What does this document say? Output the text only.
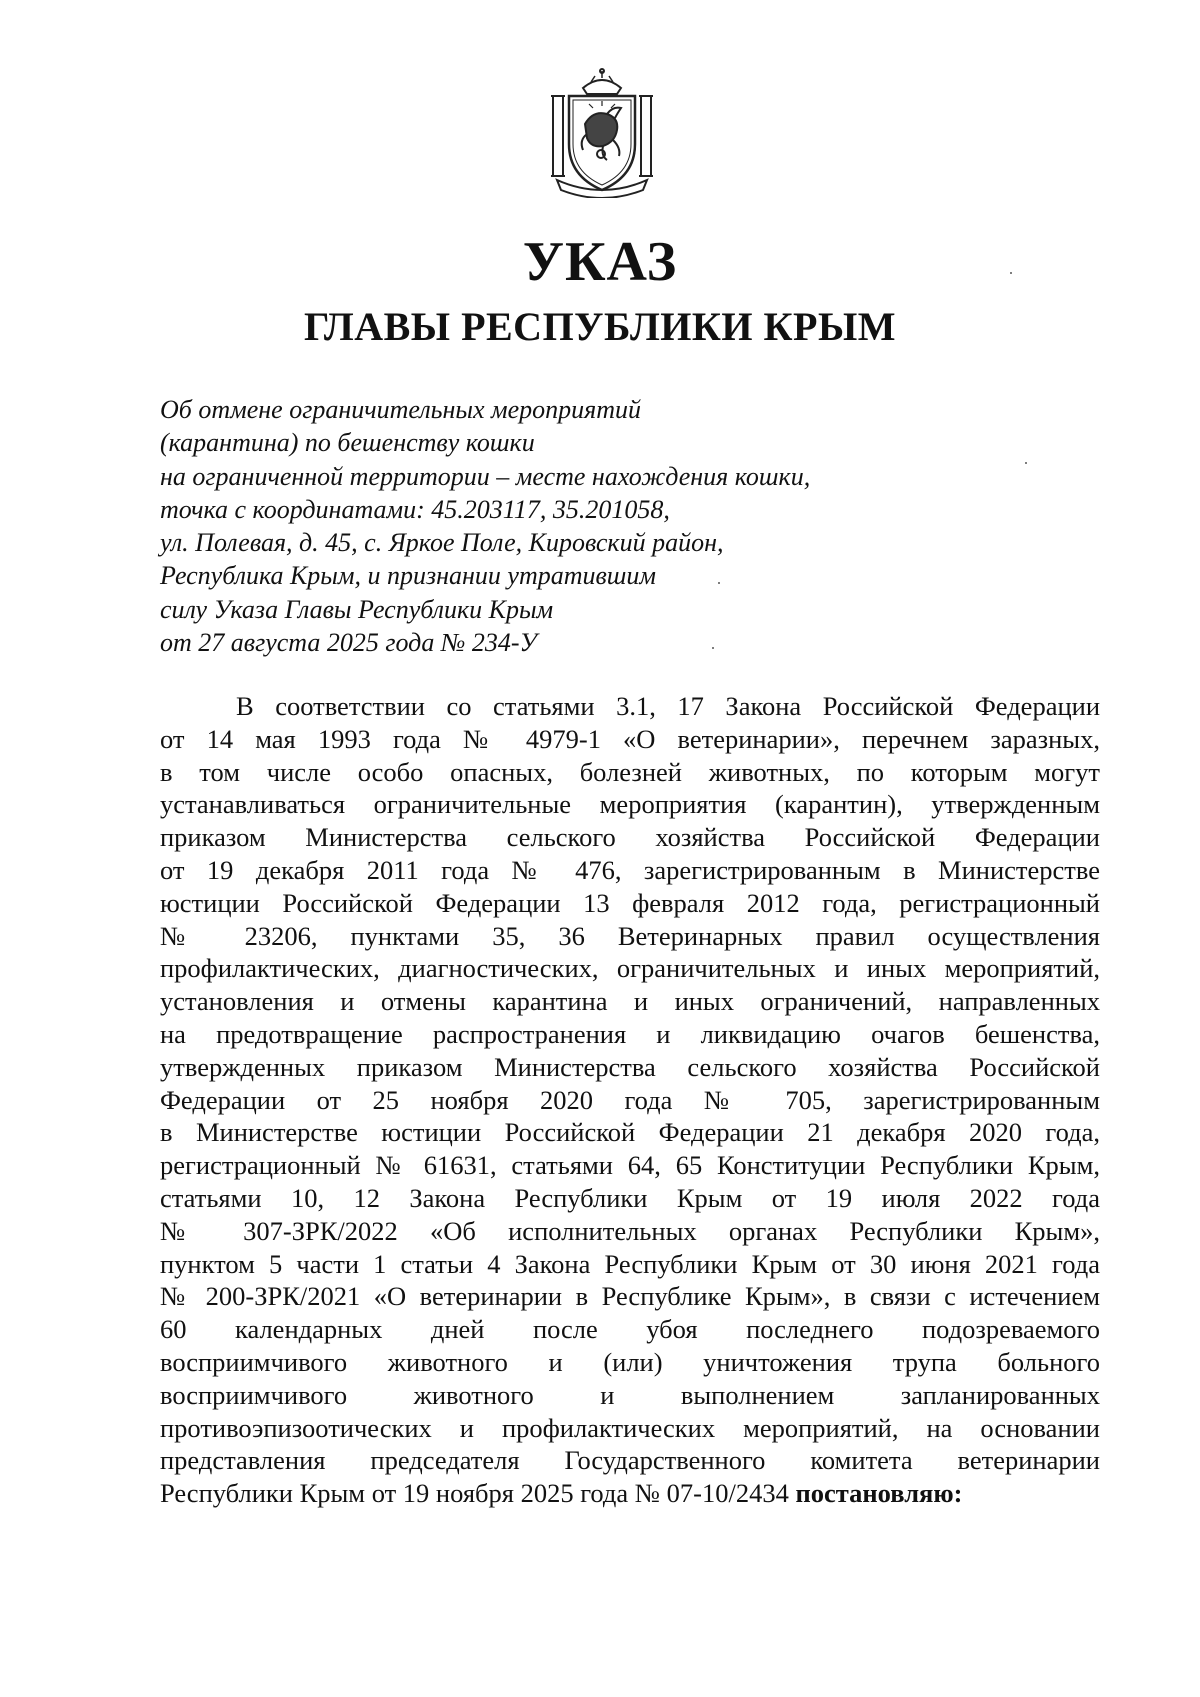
УКАЗ
ГЛАВЫ РЕСПУБЛИКИ КРЫМ
Об отмене ограничительных мероприятий
(карантина) по бешенству кошки
на ограниченной территории – месте нахождения кошки,
точка с координатами: 45.203117, 35.201058,
ул. Полевая, д. 45, с. Яркое Поле, Кировский район,
Республика Крым, и признании утратившим
силу Указа Главы Республики Крым
от 27 августа 2025 года № 234-У
В соответствии со статьями 3.1, 17 Закона Российской Федерации
от 14 мая 1993 года № 4979-1 «О ветеринарии», перечнем заразных,
в том числе особо опасных, болезней животных, по которым могут
устанавливаться ограничительные мероприятия (карантин), утвержденным
приказом Министерства сельского хозяйства Российской Федерации
от 19 декабря 2011 года № 476, зарегистрированным в Министерстве
юстиции Российской Федерации 13 февраля 2012 года, регистрационный
№ 23206, пунктами 35, 36 Ветеринарных правил осуществления
профилактических, диагностических, ограничительных и иных мероприятий,
установления и отмены карантина и иных ограничений, направленных
на предотвращение распространения и ликвидацию очагов бешенства,
утвержденных приказом Министерства сельского хозяйства Российской
Федерации от 25 ноября 2020 года № 705, зарегистрированным
в Министерстве юстиции Российской Федерации 21 декабря 2020 года,
регистрационный № 61631, статьями 64, 65 Конституции Республики Крым,
статьями 10, 12 Закона Республики Крым от 19 июля 2022 года
№ 307-ЗРК/2022 «Об исполнительных органах Республики Крым»,
пунктом 5 части 1 статьи 4 Закона Республики Крым от 30 июня 2021 года
№ 200-ЗРК/2021 «О ветеринарии в Республике Крым», в связи с истечением
60 календарных дней после убоя последнего подозреваемого
восприимчивого животного и (или) уничтожения трупа больного
восприимчивого животного и выполнением запланированных
противоэпизоотических и профилактических мероприятий, на основании
представления председателя Государственного комитета ветеринарии
Республики Крым от 19 ноября 2025 года № 07-10/2434 постановляю:
